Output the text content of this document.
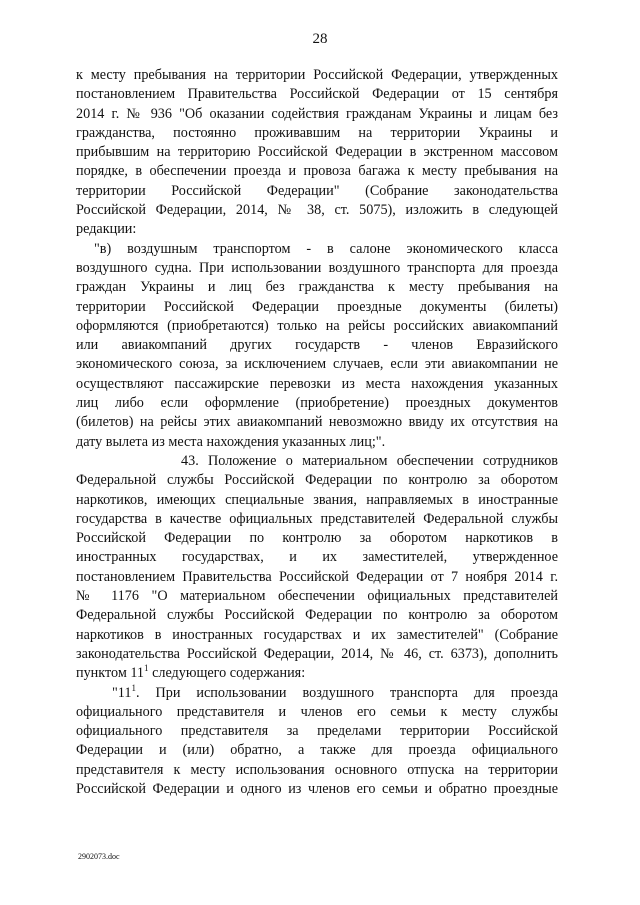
28
к месту пребывания на территории Российской Федерации, утвержденных
постановлением Правительства Российской Федерации от 15 сентября
2014 г. № 936 "Об оказании содействия гражданам Украины и лицам без
гражданства, постоянно проживавшим на территории Украины и
прибывшим на территорию Российской Федерации в экстренном массовом
порядке, в обеспечении проезда и провоза багажа к месту пребывания на
территории Российской Федерации" (Собрание законодательства
Российской Федерации, 2014, № 38, ст. 5075), изложить в следующей
редакции:
"в) воздушным транспортом - в салоне экономического класса
воздушного судна. При использовании воздушного транспорта для проезда
граждан Украины и лиц без гражданства к месту пребывания на
территории Российской Федерации проездные документы (билеты)
оформляются (приобретаются) только на рейсы российских авиакомпаний
или авиакомпаний других государств - членов Евразийского
экономического союза, за исключением случаев, если эти авиакомпании не
осуществляют пассажирские перевозки из места нахождения указанных
лиц либо если оформление (приобретение) проездных документов
(билетов) на рейсы этих авиакомпаний невозможно ввиду их отсутствия на
дату вылета из места нахождения указанных лиц;".
43. Положение о материальном обеспечении сотрудников
Федеральной службы Российской Федерации по контролю за оборотом
наркотиков, имеющих специальные звания, направляемых в иностранные
государства в качестве официальных представителей Федеральной службы
Российской Федерации по контролю за оборотом наркотиков в
иностранных государствах, и их заместителей, утвержденное
постановлением Правительства Российской Федерации от 7 ноября 2014 г.
№ 1176 "О материальном обеспечении официальных представителей
Федеральной службы Российской Федерации по контролю за оборотом
наркотиков в иностранных государствах и их заместителей" (Собрание
законодательства Российской Федерации, 2014, № 46, ст. 6373), дополнить
пунктом $11^1$ следующего содержания:
"$11^1$. При использовании воздушного транспорта для проезда
официального представителя и членов его семьи к месту службы
официального представителя за пределами территории Российской
Федерации и (или) обратно, а также для проезда официального
представителя к месту использования основного отпуска на территории
Российской Федерации и одного из членов его семьи и обратно проездные
2902073.doc
